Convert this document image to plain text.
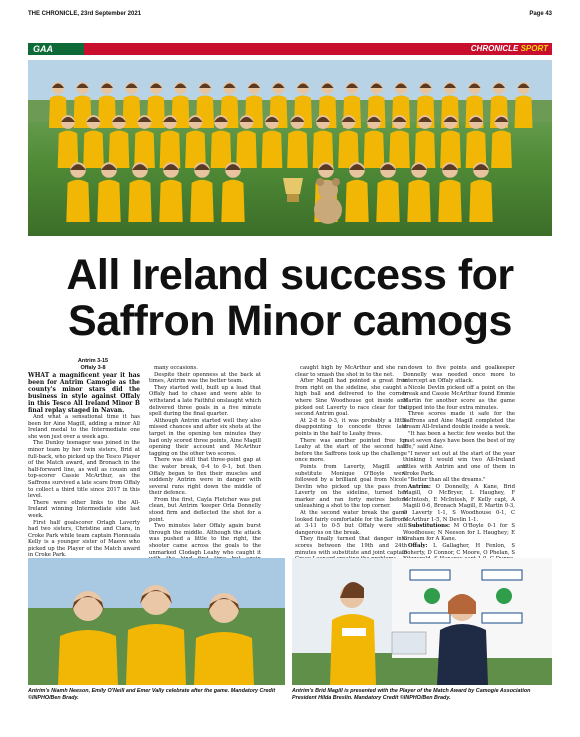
THE CHRONICLE, 23rd September 2021	Page 43
GAA	CHRONICLE SPORT
All Ireland success for
Saffron Minor camogs
Antrim 3-15
Offaly 3-8

WHAT a magnificent year it has been for Antrim Camogie as the county's minor stars did the business in style against Offaly in this Tesco All Ireland Minor B final replay staged in Navan.

And what a sensational time it has been for Aine Magill, adding a minor All Ireland medal to the Intermediate one she won just over a week ago.

The Dunloy teenager was joined in the minor team by her twin sisters, Brid at full-back, who picked up the Tesco Player of the Match award, and Bronach in the half-forward line, as well as cousin and top-scorer Cassie McArthur, as the Saffrons survived a late scare from Offaly to collect a third title since 2017 in this level.

There were other links to the All-Ireland winning Intermediate side last week.

First half goalscorer Orlagh Laverty had two sisters, Christine and Ciara, in Croke Park while team captain Fionnuala Kelly is a younger sister of Maeve who picked up the Player of the Match award in Croke Park.

many occasions.

Despite their openness at the back at times, Antrim was the better team.

They started well, built up a lead that Offaly had to chase and were able to withstand a late Faithful onslaught which delivered three goals in a five minute spell during the final quarter.

Although Antrim started well they also missed chances and after six shots at the target in the opening ten minutes they had only scored three points, Aine Magill opening their account and McArthur tagging on the other two scores.

There was still that three-point gap at the water break, 0-4 to 0-1, but then Offaly began to flex their muscles and suddenly Antrim were in danger with several runs right down the middle of their defence.

From the first, Cayla Fletcher was put clean, but Antrim 'keeper Orla Donnelly stood firm and deflected the shot for a point.

Two minutes later Offaly again burst through the middle. Although the attack was pushed a little to the right, the shooter came across the goals to the unmarked Clodagh Leahy who caught it

caught high by McArthur and she ran clear to smash the shot in to the net.

After Magill had pointed a great free from right on the sideline, she caught a high ball and delivered to the corner where Sine Woodhouse got inside and picked out Laverty to race clear for the second Antrim goal.

At 2-8 to 0-3, it was probably a little disappointing to concede three late points in the half to Leahy frees.

There was another pointed free for Leahy at the start of the second half before the Saffrons took up the challenge once more.

Points from Laverty, Magill and substitute Monique O'Boyle were followed by a brilliant goal from Nicole Devlin who picked up the pass from Laverty on the sideline, turned her marker and ran forty metres before unleashing a shot to the top corner.

At the second water break the game looked fairly comfortable for the Saffrons at 3-11 to 0-5 but Offaly were still dangerous on the break.

They finally turned that danger into scores between the 19th and 24th minutes with substitute and joint captain

down to five points and goalkeeper Donnelly was needed once more to intercept an Offaly attack.

Nicole Devlin picked off a point on the break and Cassie McArthur found Emmie Martin for another score as the game slipped into the four extra minutes.

Three scores made it safe for the Saffrons and Aine Magill completed the dream All-Ireland double inside a week.

"It has been a hectic few weeks but the past seven days have been the best of my life," said Aine.

"I never set out at the start of the year thinking I would win two All-Ireland titles with Antrim and one of them in Croke Park.

"Better than all the dreams."

Antrim: O Donnelly, A Kane, Brid Magill, O McBryer, L Haughey, F McIntosh, E McIntosh, F Kelly capt, A Magill 0-6, Bronach Magill, E Martin 0-3, O Laverty 1-1, S Woodhouse 0-1, C McArthur 1-5, N Devlin 1-1.

Substitutions: M O'Boyle 0-1 for S Woodhouse; N Neeson for L Haughey; E Graham for A Kane.

Offaly: L Gallagher, H Fenlon, S Doherty, D Connor, C Moore, O Phelan, S

Antrim's Niamh Neeson, Emily O'Neill and Emer Vally celebrate after the game. Mandatory Credit ©INPHO/Ben Brady.
Antrim's Brid Magill is presented with the Player of the Match Award by Camogie Association President Hilda Breslin. Mandatory Credit ©INPHO/Ben Brady.
